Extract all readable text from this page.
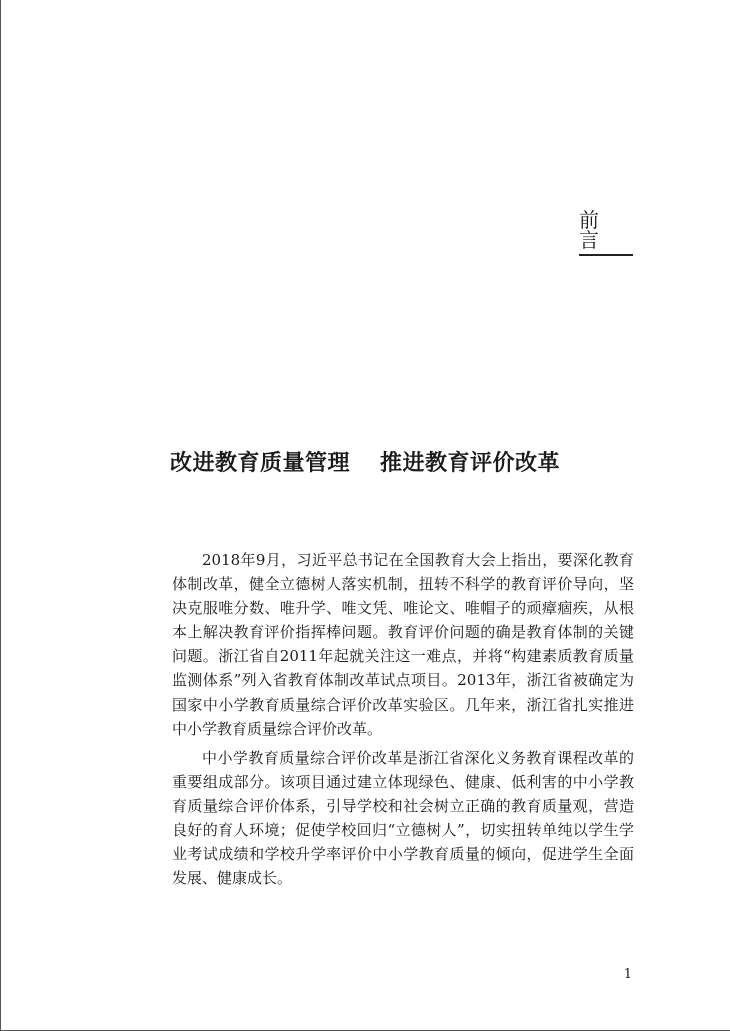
前言
改进教育质量管理 推进教育评价改革

2018年9月，习近平总书记在全国教育大会上指出，要深化教育体制改革，健全立德树人落实机制，扭转不科学的教育评价导向，坚决克服唯分数、唯升学、唯文凭、唯论文、唯帽子的顽瘴痼疾，从根本上解决教育评价指挥棒问题。教育评价问题的确是教育体制的关键问题。浙江省自2011年起就关注这一难点，并将“构建素质教育质量监测体系”列入省教育体制改革试点项目。2013年，浙江省被确定为国家中小学教育质量综合评价改革实验区。几年来，浙江省扎实推进中小学教育质量综合评价改革。

中小学教育质量综合评价改革是浙江省深化义务教育课程改革的重要组成部分。该项目通过建立体现绿色、健康、低利害的中小学教育质量综合评价体系，引导学校和社会树立正确的教育质量观，营造良好的育人环境；促使学校回归“立德树人”，切实扭转单纯以学生学业考试成绩和学校升学率评价中小学教育质量的倾向，促进学生全面发展、健康成长。

1
